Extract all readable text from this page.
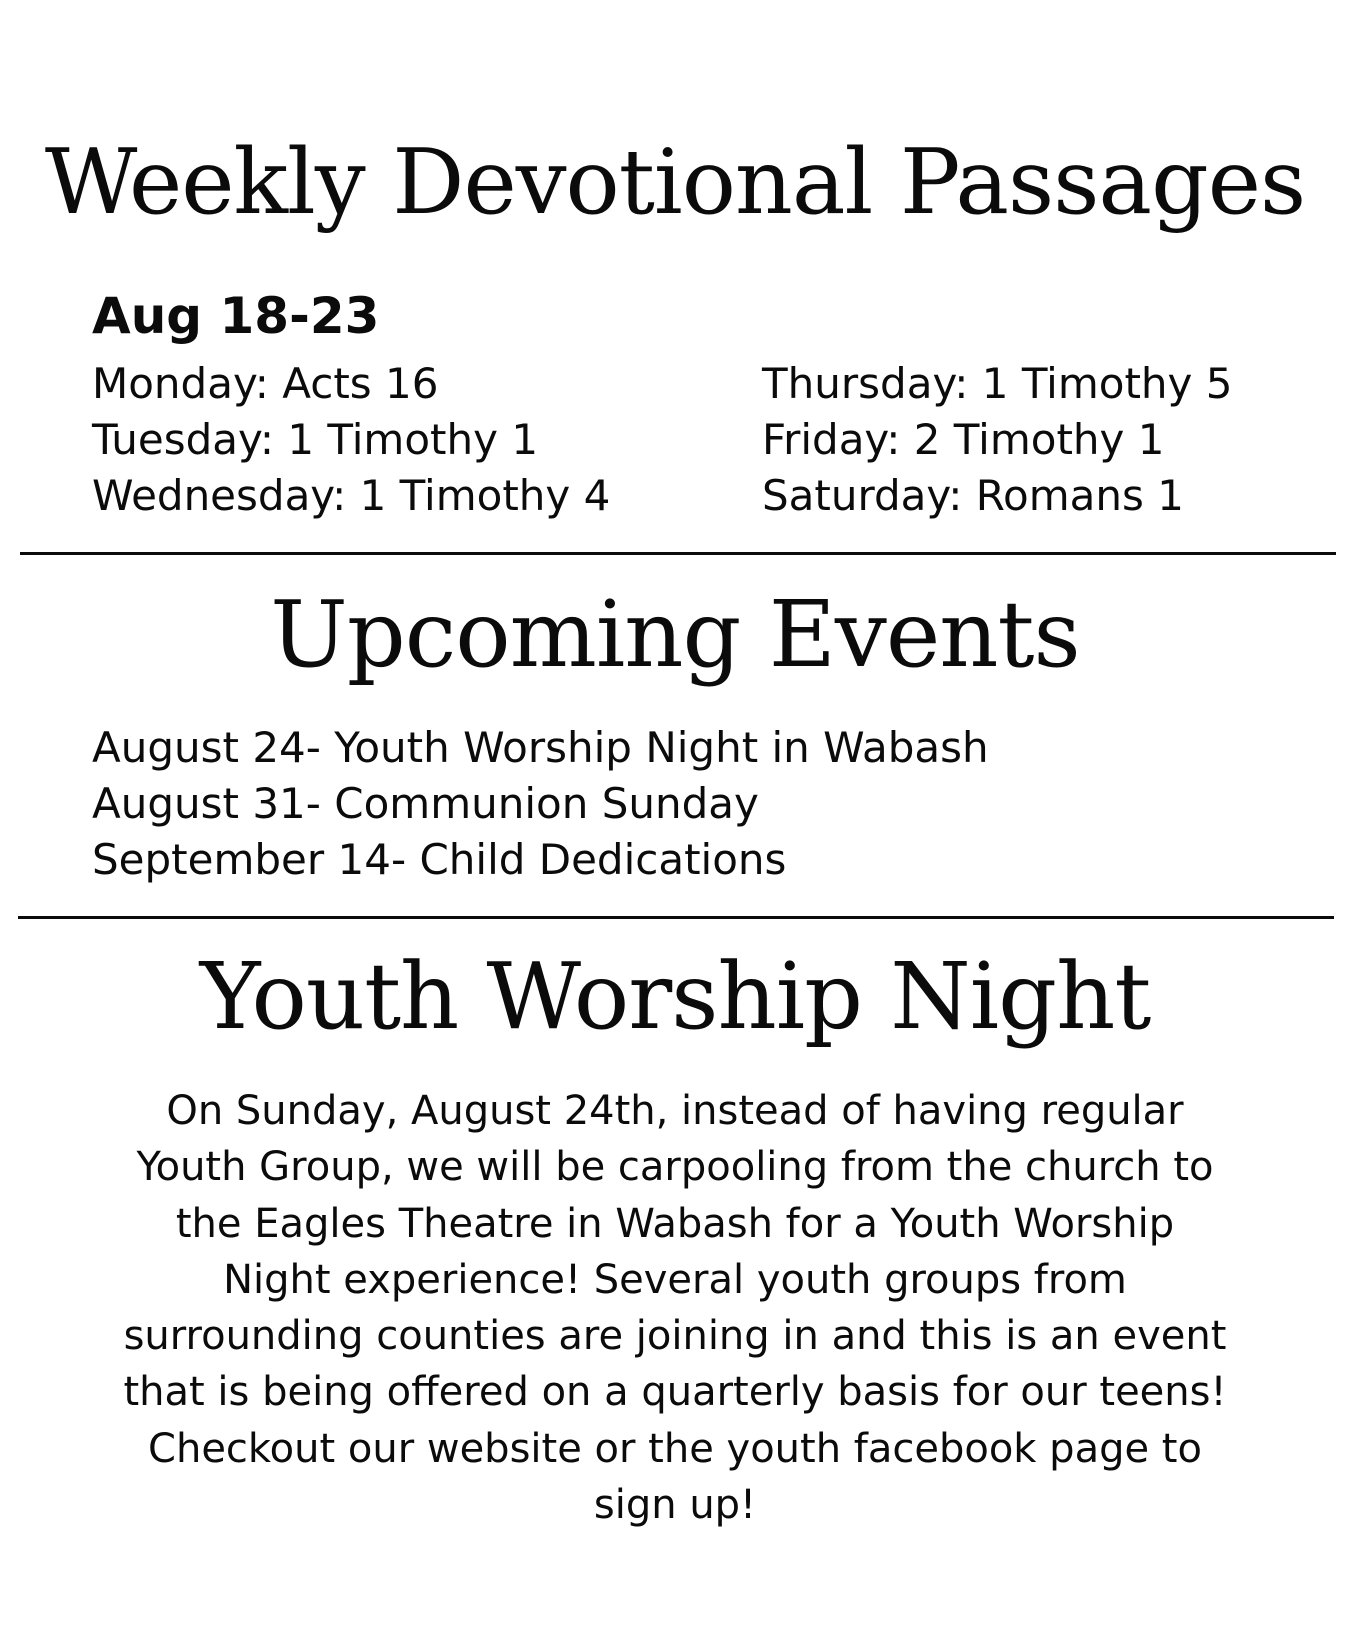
Weekly Devotional Passages
Aug 18-23
Monday: Acts 16
Tuesday: 1 Timothy 1
Wednesday: 1 Timothy 4
Thursday: 1 Timothy 5
Friday: 2 Timothy 1
Saturday: Romans 1
Upcoming Events
August 24- Youth Worship Night in Wabash
August 31- Communion Sunday
September 14- Child Dedications
Youth Worship Night

On Sunday, August 24th, instead of having regular
Youth Group, we will be carpooling from the church to
the Eagles Theatre in Wabash for a Youth Worship
Night experience! Several youth groups from
surrounding counties are joining in and this is an event
that is being offered on a quarterly basis for our teens!
Checkout our website or the youth facebook page to
sign up!
